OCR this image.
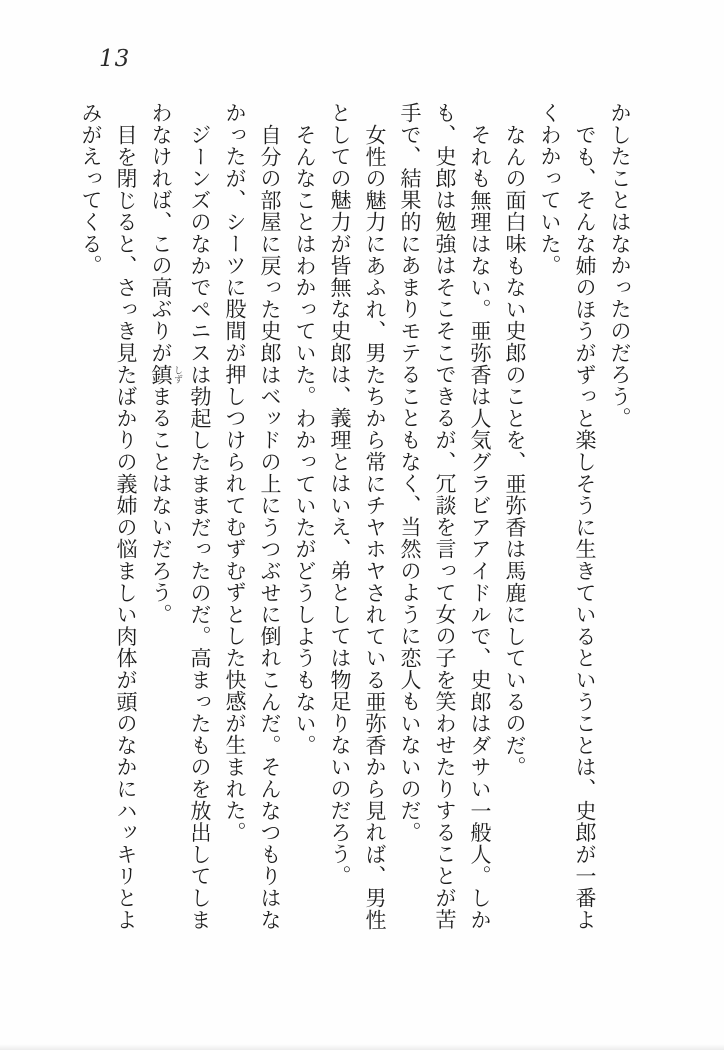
13
かしたことはなかったのだろう。
でも、そんな姉のほうがずっと楽しそうに生きているということは、史郎が一番よ
くわかっていた。
なんの面白味もない史郎のことを、亜弥香は馬鹿にしているのだ。
それも無理はない。亜弥香は人気グラビアアイドルで、史郎はダサい一般人。しか
も、史郎は勉強はそこそこできるが、冗談を言って女の子を笑わせたりすることが苦
手で、結果的にあまりモテることもなく、当然のように恋人もいないのだ。
女性の魅力にあふれ、男たちから常にチヤホヤされている亜弥香から見れば、男性
としての魅力が皆無な史郎は、義理とはいえ、弟としては物足りないのだろう。
そんなことはわかっていた。わかっていたがどうしようもない。
自分の部屋に戻った史郎はベッドの上にうつぶせに倒れこんだ。そんなつもりはな
かったが、シーツに股間が押しつけられてむずむずとした快感が生まれた。
ジーンズのなかでペニスは勃起したままだったのだ。高まったものを放出してしま
わなければ、この高ぶりが鎮 しずまることはないだろう。
目を閉じると、さっき見たばかりの義姉の悩ましい肉体が頭のなかにハッキリとよ
みがえってくる。
